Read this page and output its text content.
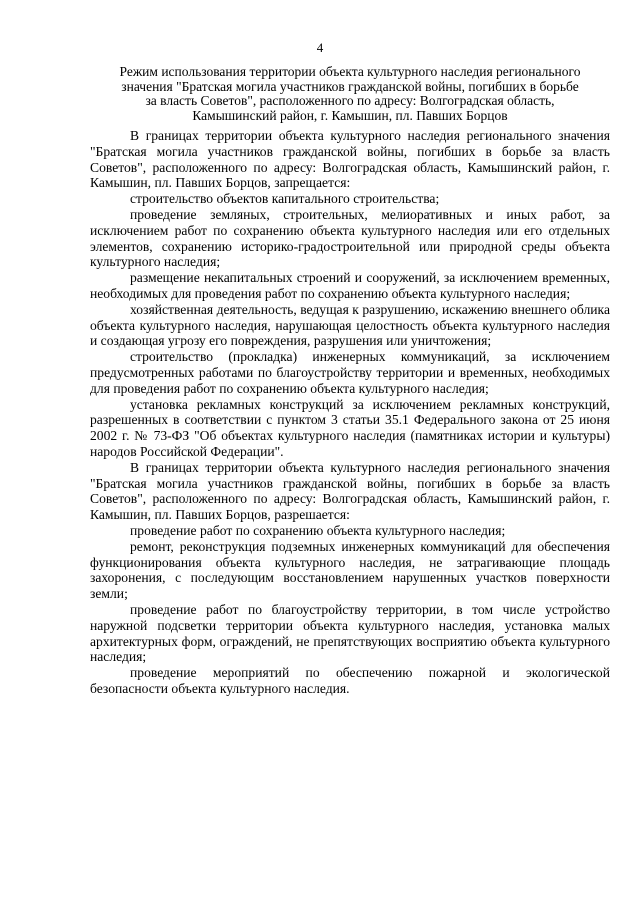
4
Режим использования территории объекта культурного наследия регионального
значения "Братская могила участников гражданской войны, погибших в борьбе
за власть Советов", расположенного по адресу: Волгоградская область,
Камышинский район, г. Камышин, пл. Павших Борцов

В границах территории объекта культурного наследия регионального значения "Братская могила участников гражданской войны, погибших в борьбе за власть Советов", расположенного по адресу: Волгоградская область, Камышинский район, г. Камышин, пл. Павших Борцов, запрещается:

строительство объектов капитального строительства;

проведение земляных, строительных, мелиоративных и иных работ, за исключением работ по сохранению объекта культурного наследия или его отдельных элементов, сохранению историко-градостроительной или природной среды объекта культурного наследия;

размещение некапитальных строений и сооружений, за исключением временных, необходимых для проведения работ по сохранению объекта культурного наследия;

хозяйственная деятельность, ведущая к разрушению, искажению внешнего облика объекта культурного наследия, нарушающая целостность объекта культурного наследия и создающая угрозу его повреждения, разрушения или уничтожения;

строительство (прокладка) инженерных коммуникаций, за исключением предусмотренных работами по благоустройству территории и временных, необходимых для проведения работ по сохранению объекта культурного наследия;

установка рекламных конструкций за исключением рекламных конструкций, разрешенных в соответствии с пунктом 3 статьи 35.1 Федерального закона от 25 июня 2002 г. № 73-ФЗ "Об объектах культурного наследия (памятниках истории и культуры) народов Российской Федерации".

В границах территории объекта культурного наследия регионального значения "Братская могила участников гражданской войны, погибших в борьбе за власть Советов", расположенного по адресу: Волгоградская область, Камышинский район, г. Камышин, пл. Павших Борцов, разрешается:

проведение работ по сохранению объекта культурного наследия;

ремонт, реконструкция подземных инженерных коммуникаций для обеспечения функционирования объекта культурного наследия, не затрагивающие площадь захоронения, с последующим восстановлением нарушенных участков поверхности земли;

проведение работ по благоустройству территории, в том числе устройство наружной подсветки территории объекта культурного наследия, установка малых архитектурных форм, ограждений, не препятствующих восприятию объекта культурного наследия;

проведение мероприятий по обеспечению пожарной и экологической безопасности объекта культурного наследия.
